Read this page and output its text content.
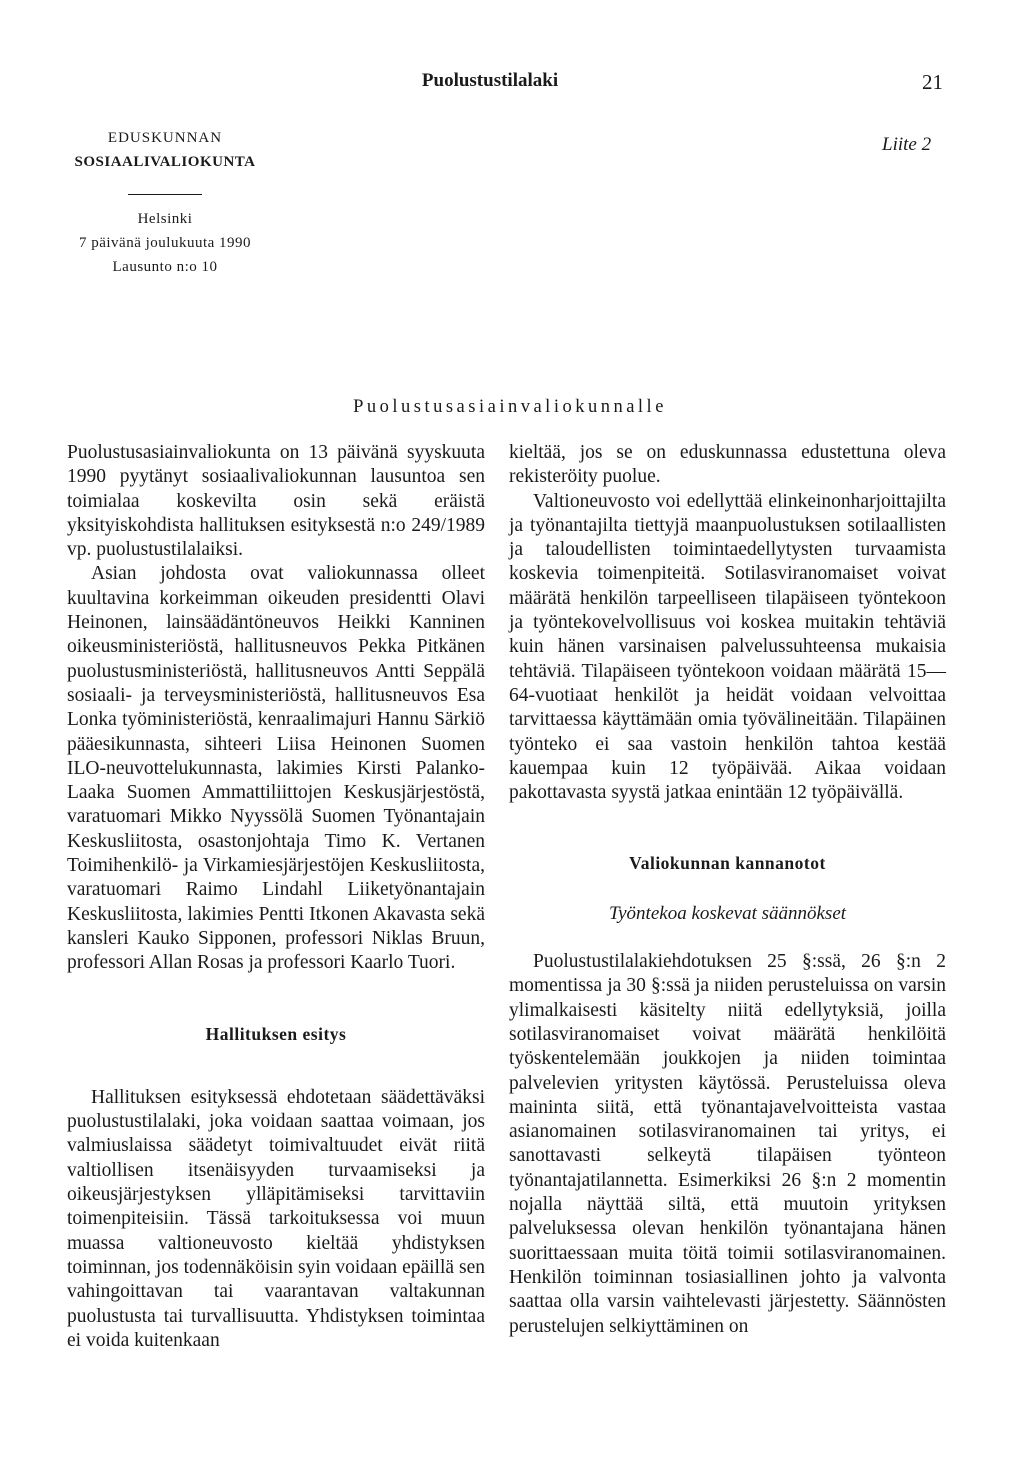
Puolustustilalaki	21
EDUSKUNNAN
SOSIAALIVALIOKUNTA
Helsinki
7 päivänä joulukuuta 1990
Lausunto n:o 10
Liite 2
Puolustusasiainvaliokunnalle

Puolustusasiainvaliokunta on 13 päivänä syyskuuta 1990 pyytänyt sosiaalivaliokunnan lausuntoa sen toimialaa koskevilta osin sekä eräistä yksityiskohdista hallituksen esityksestä n:o 249/1989 vp. puolustustilalaiksi.

Asian johdosta ovat valiokunnassa olleet kuultavina korkeimman oikeuden presidentti Olavi Heinonen, lainsäädäntöneuvos Heikki Kanninen oikeusministeriöstä, hallitusneuvos Pekka Pitkänen puolustusministeriöstä, hallitusneuvos Antti Seppälä sosiaali- ja terveysministeriöstä, hallitusneuvos Esa Lonka työministeriöstä, kenraalimajuri Hannu Särkiö pääesikunnasta, sihteeri Liisa Heinonen Suomen ILO-neuvottelukunnasta, lakimies Kirsti Palanko-Laaka Suomen Ammattiliittojen Keskusjärjestöstä, varatuomari Mikko Nyyssölä Suomen Työnantajain Keskusliitosta, osastonjohtaja Timo K. Vertanen Toimihenkilö- ja Virkamiesjärjestöjen Keskusliitosta, varatuomari Raimo Lindahl Liiketyönantajain Keskusliitosta, lakimies Pentti Itkonen Akavasta sekä kansleri Kauko Sipponen, professori Niklas Bruun, professori Allan Rosas ja professori Kaarlo Tuori.

Hallituksen esitys

Hallituksen esityksessä ehdotetaan säädettäväksi puolustustilalaki, joka voidaan saattaa voimaan, jos valmiuslaissa säädetyt toimivaltuudet eivät riitä valtiollisen itsenäisyyden turvaamiseksi ja oikeusjärjestyksen ylläpitämiseksi tarvittaviin toimenpiteisiin. Tässä tarkoituksessa voi muun muassa valtioneuvosto kieltää yhdistyksen toiminnan, jos todennäköisin syin voidaan epäillä sen vahingoittavan tai vaarantavan valtakunnan puolustusta tai turvallisuutta. Yhdistyksen toimintaa ei voida kuitenkaan

kieltää, jos se on eduskunnassa edustettuna oleva rekisteröity puolue.

Valtioneuvosto voi edellyttää elinkeinonharjoittajilta ja työnantajilta tiettyjä maanpuolustuksen sotilaallisten ja taloudellisten toimintaedellytysten turvaamista koskevia toimenpiteitä. Sotilasviranomaiset voivat määrätä henkilön tarpeelliseen tilapäiseen työntekoon ja työntekovelvollisuus voi koskea muitakin tehtäviä kuin hänen varsinaisen palvelussuhteensa mukaisia tehtäviä. Tilapäiseen työntekoon voidaan määrätä 15—64-vuotiaat henkilöt ja heidät voidaan velvoittaa tarvittaessa käyttämään omia työvälineitään. Tilapäinen työnteko ei saa vastoin henkilön tahtoa kestää kauempaa kuin 12 työpäivää. Aikaa voidaan pakottavasta syystä jatkaa enintään 12 työpäivällä.

Valiokunnan kannanotot
Työntekoa koskevat säännökset

Puolustustilalakiehdotuksen 25 §:ssä, 26 §:n 2 momentissa ja 30 §:ssä ja niiden perusteluissa on varsin ylimalkaisesti käsitelty niitä edellytyksiä, joilla sotilasviranomaiset voivat määrätä henkilöitä työskentelemään joukkojen ja niiden toimintaa palvelevien yritysten käytössä. Perusteluissa oleva mainintа siitä, että työnantajavelvoitteista vastaa asianomainen sotilasviranomainen tai yritys, ei sanottavasti selkeytä tilapäisen työnteon työnantajatilannetta. Esimerkiksi 26 §:n 2 momentin nojalla näyttää siltä, että muutoin yrityksen palveluksessa olevan henkilön työnantajana hänen suorittaessaan muita töitä toimii sotilasviranomainen. Henkilön toiminnan tosiasiallinen johto ja valvonta saattaa olla varsin vaihtelevasti järjestetty. Säännösten perustelujen selkiyttäminen on
